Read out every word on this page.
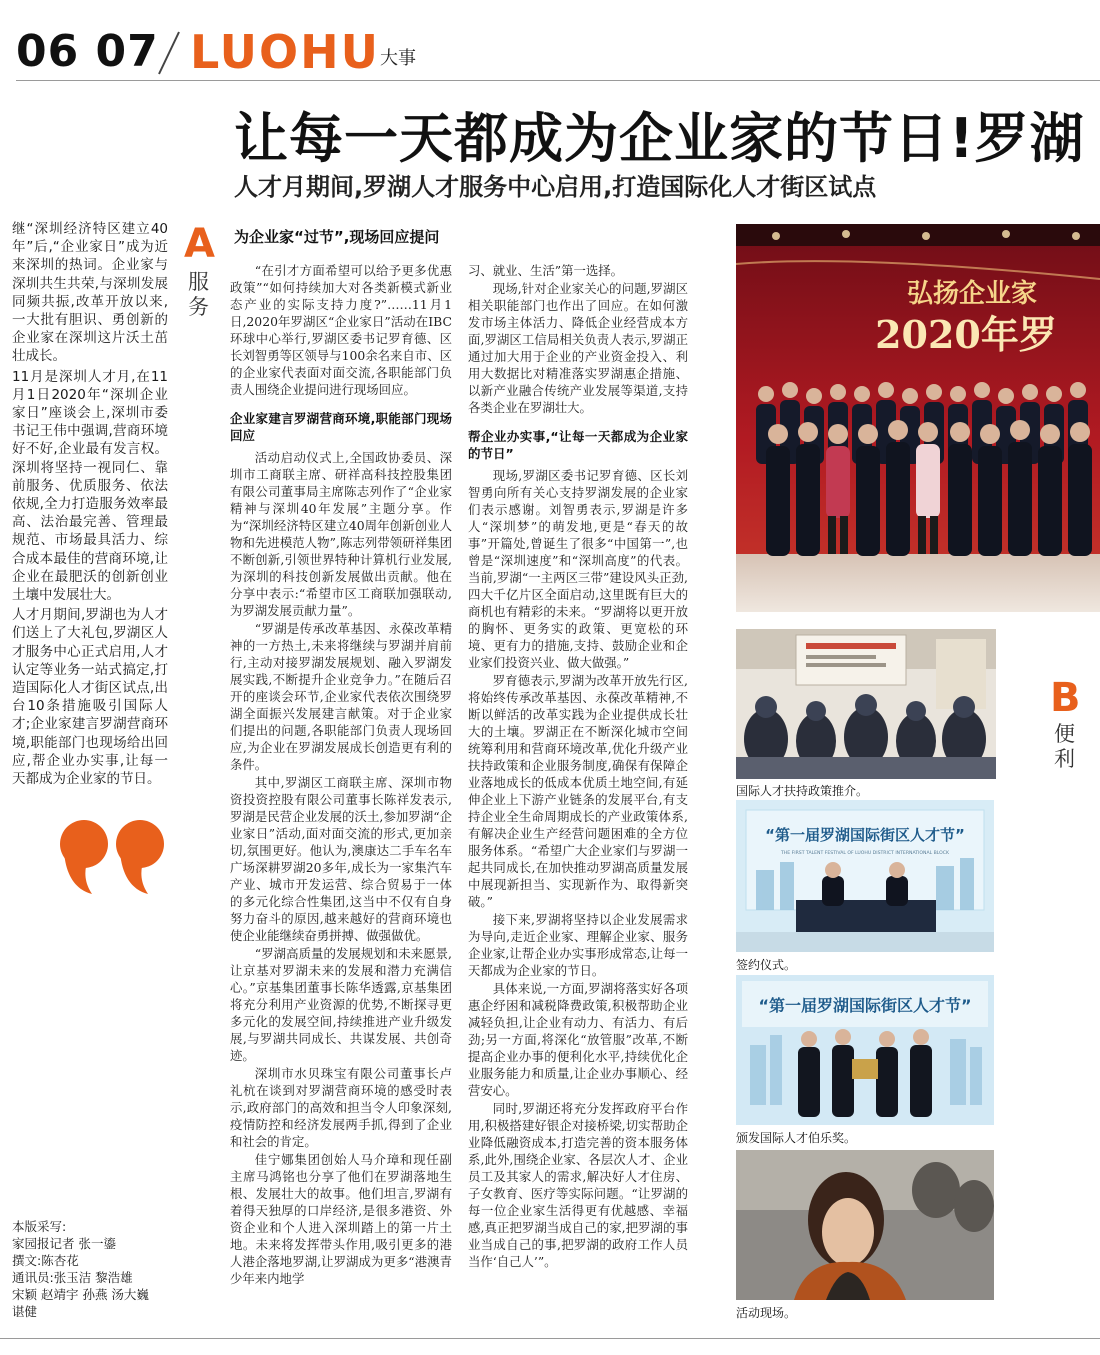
06 07 LUOHU 大事
让每一天都成为企业家的节日!罗湖
人才月期间,罗湖人才服务中心启用,打造国际化人才街区试点

继“深圳经济特区建立40年”后,“企业家日”成为近来深圳的热词。企业家与深圳共生共荣,与深圳发展同频共振,改革开放以来,一大批有胆识、勇创新的企业家在深圳这片沃土茁壮成长。

11月是深圳人才月,在11月1日2020年“深圳企业家日”座谈会上,深圳市委书记王伟中强调,营商环境好不好,企业最有发言权。深圳将坚持一视同仁、靠前服务、优质服务、依法依规,全力打造服务效率最高、法治最完善、管理最规范、市场最具活力、综合成本最佳的营商环境,让企业在最肥沃的创新创业土壤中发展壮大。

人才月期间,罗湖也为人才们送上了大礼包,罗湖区人才服务中心正式启用,人才认定等业务一站式搞定,打造国际化人才街区试点,出台10条措施吸引国际人才;企业家建言罗湖营商环境,职能部门也现场给出回应,帮企业办实事,让每一天都成为企业家的节日。

本版采写:
家园报记者 张一鎏
撰文:陈杏花
通讯员:张玉洁 黎浩雄
宋颖 赵靖宇 孙燕 汤大巍
谌健
A
服务
为企业家“过节”,现场回应提问
B
便利

“在引才方面希望可以给予更多优惠政策”“如何持续加大对各类新模式新业态产业的实际支持力度?”……11月1日,2020年罗湖区“企业家日”活动在IBC环球中心举行,罗湖区委书记罗育德、区长刘智勇等区领导与100余名来自市、区的企业家代表面对面交流,各职能部门负责人围绕企业提问进行现场回应。

企业家建言罗湖营商环境,职能部门现场回应

活动启动仪式上,全国政协委员、深圳市工商联主席、研祥高科技控股集团有限公司董事局主席陈志列作了“企业家精神与深圳40年发展”主题分享。作为“深圳经济特区建立40周年创新创业人物和先进模范人物”,陈志列带领研祥集团不断创新,引领世界特种计算机行业发展,为深圳的科技创新发展做出贡献。他在分享中表示:“希望市区工商联加强联动,为罗湖发展贡献力量”。

“罗湖是传承改革基因、永葆改革精神的一方热土,未来将继续与罗湖并肩前行,主动对接罗湖发展规划、融入罗湖发展实践,不断提升企业竞争力。”在随后召开的座谈会环节,企业家代表依次围绕罗湖全面振兴发展建言献策。对于企业家们提出的问题,各职能部门负责人现场回应,为企业在罗湖发展成长创造更有利的条件。

其中,罗湖区工商联主席、深圳市物资投资控股有限公司董事长陈祥发表示,罗湖是民营企业发展的沃土,参加罗湖“企业家日”活动,面对面交流的形式,更加亲切,氛围更好。他认为,澳康达二手车名车广场深耕罗湖20多年,成长为一家集汽车产业、城市开发运营、综合贸易于一体的多元化综合性集团,这当中不仅有自身努力奋斗的原因,越来越好的营商环境也使企业能继续奋勇拼搏、做强做优。

“罗湖高质量的发展规划和未来愿景,让京基对罗湖未来的发展和潜力充满信心。”京基集团董事长陈华透露,京基集团将充分利用产业资源的优势,不断探寻更多元化的发展空间,持续推进产业升级发展,与罗湖共同成长、共谋发展、共创奇迹。

深圳市水贝珠宝有限公司董事长卢礼杭在谈到对罗湖营商环境的感受时表示,政府部门的高效和担当令人印象深刻,疫情防控和经济发展两手抓,得到了企业和社会的肯定。

佳宁娜集团创始人马介璋和现任副主席马鸿铭也分享了他们在罗湖落地生根、发展壮大的故事。他们坦言,罗湖有着得天独厚的口岸经济,是很多港资、外资企业和个人进入深圳踏上的第一片土地。未来将发挥带头作用,吸引更多的港人港企落地罗湖,让罗湖成为更多“港澳青少年来内地学

习、就业、生活”第一选择。

现场,针对企业家关心的问题,罗湖区相关职能部门也作出了回应。在如何激发市场主体活力、降低企业经营成本方面,罗湖区工信局相关负责人表示,罗湖正通过加大用于企业的产业资金投入、利用大数据比对精准落实罗湖惠企措施、以新产业融合传统产业发展等渠道,支持各类企业在罗湖壮大。

帮企业办实事,“让每一天都成为企业家的节日”

现场,罗湖区委书记罗育德、区长刘智勇向所有关心支持罗湖发展的企业家们表示感谢。刘智勇表示,罗湖是许多人“深圳梦”的萌发地,更是“春天的故事”开篇处,曾诞生了很多“中国第一”,也曾是“深圳速度”和“深圳高度”的代表。当前,罗湖“一主两区三带”建设风头正劲,四大千亿片区全面启动,这里既有巨大的商机也有精彩的未来。“罗湖将以更开放的胸怀、更务实的政策、更宽松的环境、更有力的措施,支持、鼓励企业和企业家们投资兴业、做大做强。”

罗育德表示,罗湖为改革开放先行区,将始终传承改革基因、永葆改革精神,不断以鲜活的改革实践为企业提供成长壮大的土壤。罗湖正在不断深化城市空间统筹利用和营商环境改革,优化升级产业扶持政策和企业服务制度,确保有保障企业落地成长的低成本优质土地空间,有延伸企业上下游产业链条的发展平台,有支持企业全生命周期成长的产业政策体系,有解决企业生产经营问题困难的全方位服务体系。“希望广大企业家们与罗湖一起共同成长,在加快推动罗湖高质量发展中展现新担当、实现新作为、取得新突破。”

接下来,罗湖将坚持以企业发展需求为导向,走近企业家、理解企业家、服务企业家,让帮企业办实事形成常态,让每一天都成为企业家的节日。

具体来说,一方面,罗湖将落实好各项惠企纾困和减税降费政策,积极帮助企业减轻负担,让企业有动力、有活力、有后劲;另一方面,将深化“放管服”改革,不断提高企业办事的便利化水平,持续优化企业服务能力和质量,让企业办事顺心、经营安心。

同时,罗湖还将充分发挥政府平台作用,积极搭建好银企对接桥梁,切实帮助企业降低融资成本,打造完善的资本服务体系,此外,围绕企业家、各层次人才、企业员工及其家人的需求,解决好人才住房、子女教育、医疗等实际问题。“让罗湖的每一位企业家生活得更有优越感、幸福感,真正把罗湖当成自己的家,把罗湖的事业当成自己的事,把罗湖的政府工作人员当作‘自己人’”。

弘扬企业家
2020年罗
国际人才扶持政策推介。
“第一届罗湖国际街区人才节”
THE FIRST TALENT FESTIVAL OF LUOHU DISTRICT INTERNATIONAL BLOCK
签约仪式。
“第一届罗湖国际街区人才节”
颁发国际人才伯乐奖。
活动现场。
